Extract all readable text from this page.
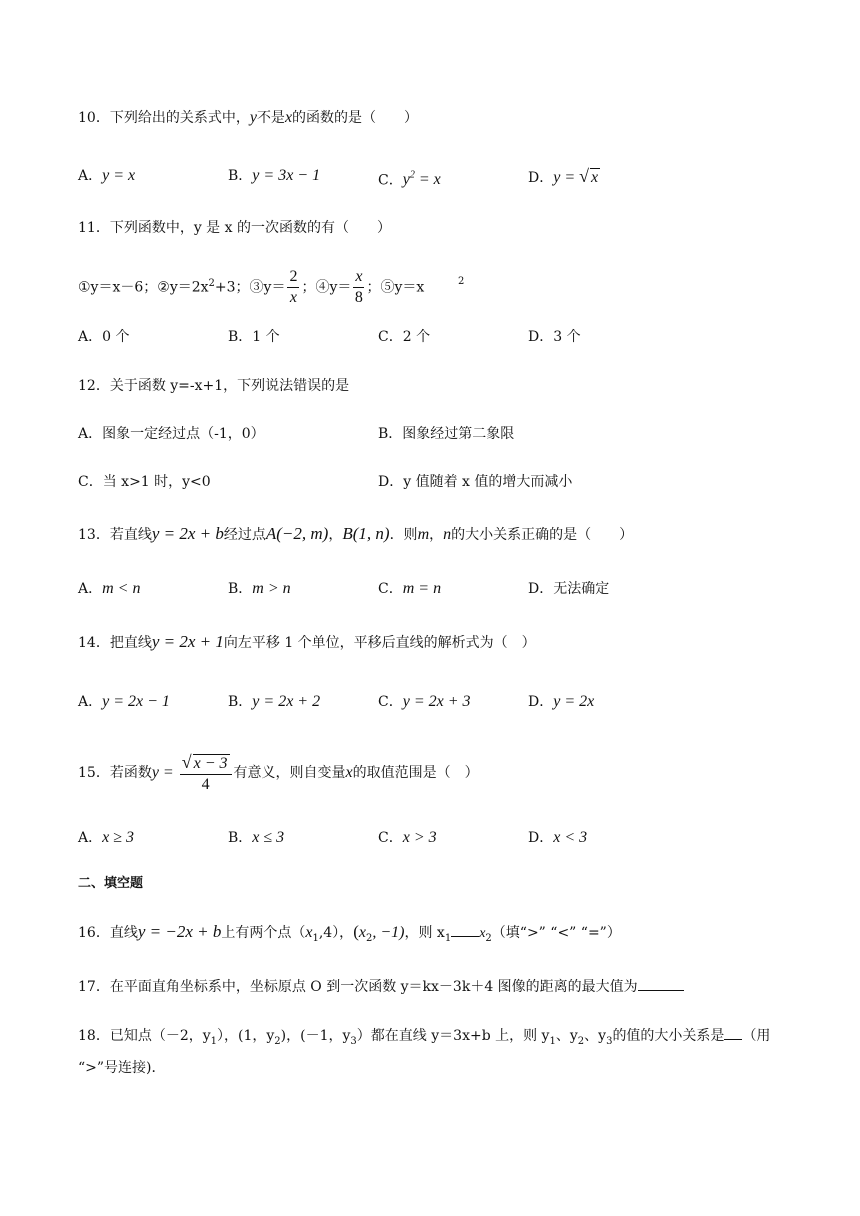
10．下列给出的关系式中，y不是x的函数的是（　　）
A．y = x	B．y = 3x − 1	C．$y^2 = x$	D．y = √ x
11．下列函数中，y 是 x 的一次函数的有（　　）
①y＝x－6；$②y=2x^2+3$；③y＝ $\frac{2}{x}$ ；④y＝ $\frac{x}{8}$ ；⑤y＝x	2
A．0 个	B．1 个	C．2 个	D．3 个
12．关于函数 y=-x+1，下列说法错误的是
A．图象一定经过点（-1，0）	B．图象经过第二象限
C．当 x>1 时，y<0	D．y 值随着 x 值的增大而减小
13．若直线y = 2x + b经过点A(−2, m)，B(1, n)．则m，n的大小关系正确的是（　　）
A．m < n	B．m > n	C．m = n	D．无法确定
14．把直线y = 2x + 1向左平移 1 个单位，平移后直线的解析式为（　）
A．y = 2x − 1	B．y = 2x + 2	C．y = 2x + 3	D．y = 2x
15．若函数$y = \frac{√ x - 3}{4}$ 有意义，则自变量x的取值范围是（　）
A．x ≥ 3	B．x ≤ 3	C．x > 3	D．x < 3
二、填空题
16．直线y = −2x + b上有两个点$(x_1,4)$，($x_2$, −1)，则 $x_1$ $x_2$（填“>” “<” “=”）
17．在平面直角坐标系中，坐标原点 O 到一次函数 y＝kx－3k＋4 图像的距离的最大值为
18．已知点（－2，$y_1$），(1，$y_2$)，(－1，$y_3$）都在直线 y＝3x+b 上，则 $y_1$、$y_2$、$y_3$的值的大小关系是 （用
“>”号连接)．
